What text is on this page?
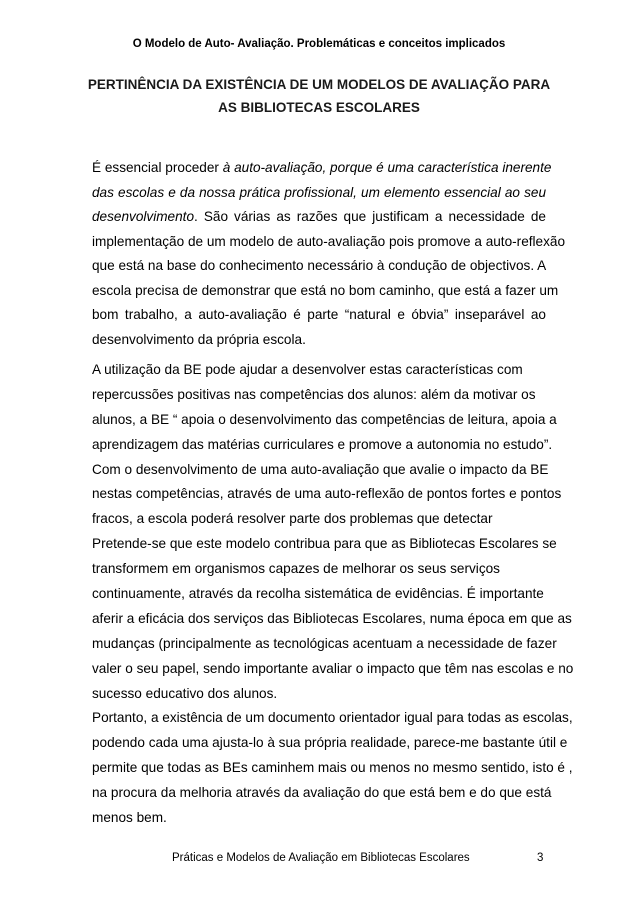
O Modelo de Auto- Avaliação. Problemáticas e conceitos implicados
PERTINÊNCIA DA EXISTÊNCIA DE UM MODELOS DE AVALIAÇÃO PARA
AS BIBLIOTECAS ESCOLARES
É essencial proceder à auto-avaliação, porque é uma característica inerente
das escolas e da nossa prática profissional, um elemento essencial ao seu
desenvolvimento. São várias as razões que justificam a necessidade de
implementação de um modelo de auto-avaliação pois promove a auto-reflexão
que está na base do conhecimento necessário à condução de objectivos. A
escola precisa de demonstrar que está no bom caminho, que está a fazer um
bom trabalho, a auto-avaliação é parte “natural e óbvia” inseparável ao
desenvolvimento da própria escola.
A utilização da BE pode ajudar a desenvolver estas características com
repercussões positivas nas competências dos alunos: além da motivar os
alunos, a BE “ apoia o desenvolvimento das competências de leitura, apoia a
aprendizagem das matérias curriculares e promove a autonomia no estudo”.
Com o desenvolvimento de uma auto-avaliação que avalie o impacto da BE
nestas competências, através de uma auto-reflexão de pontos fortes e pontos
fracos, a escola poderá resolver parte dos problemas que detectar
Pretende-se que este modelo contribua para que as Bibliotecas Escolares se
transformem em organismos capazes de melhorar os seus serviços
continuamente, através da recolha sistemática de evidências. É importante
aferir a eficácia dos serviços das Bibliotecas Escolares, numa época em que as
mudanças (principalmente as tecnológicas acentuam a necessidade de fazer
valer o seu papel, sendo importante avaliar o impacto que têm nas escolas e no
sucesso educativo dos alunos.
Portanto, a existência de um documento orientador igual para todas as escolas,
podendo cada uma ajusta-lo à sua própria realidade, parece-me bastante útil e
permite que todas as BEs caminhem mais ou menos no mesmo sentido, isto é ,
na procura da melhoria através da avaliação do que está bem e do que está
menos bem.
Práticas e Modelos de Avaliação em Bibliotecas Escolares	3
